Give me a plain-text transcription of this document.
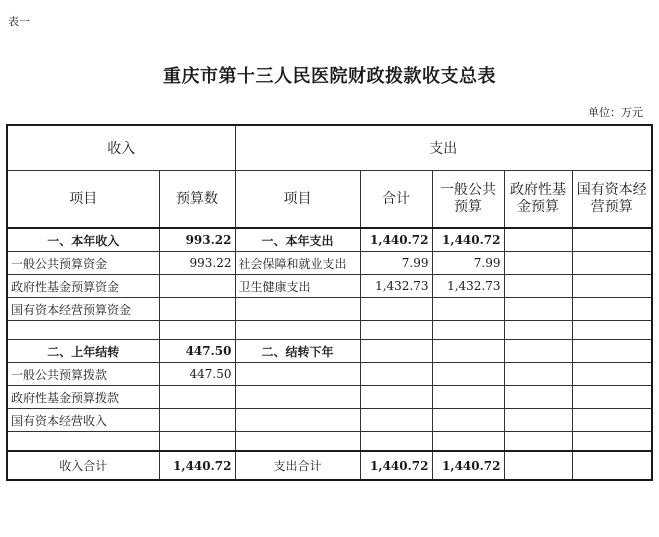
表一
重庆市第十三人民医院财政拨款收支总表
单位：万元
收入		支出				
项目	预算数	项目	合计	一般公共预算	政府性基金预算	国有资本经营预算
一、本年收入	993.22	一、本年支出	1,440.72	1,440.72		
一般公共预算资金	993.22	社会保障和就业支出	7.99	7.99		
政府性基金预算资金		卫生健康支出	1,432.73	1,432.73		
国有资本经营预算资金						

二、上年结转	447.50	二、结转下年				
一般公共预算拨款	447.50					
政府性基金预算拨款						
国有资本经营收入						

收入合计	1,440.72	支出合计	1,440.72	1,440.72		
